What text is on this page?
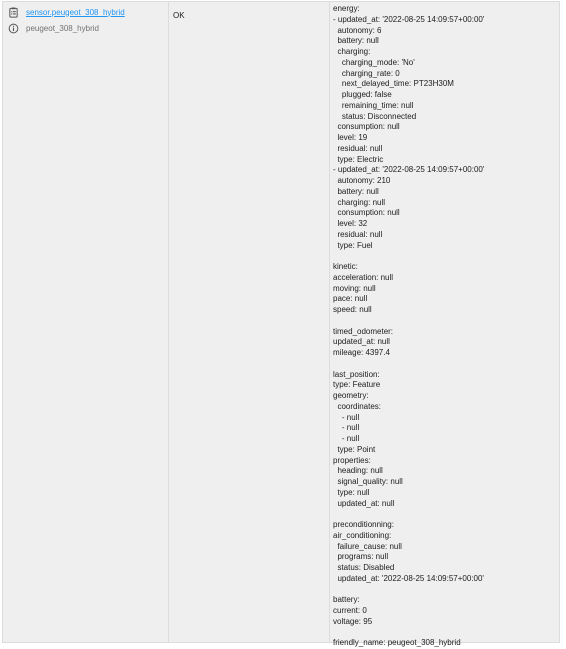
sensor.peugeot_308_hybrid
peugeot_308_hybrid
OK
energy:
- updated_at: '2022-08-25 14:09:57+00:00'
autonomy: 6
battery: null
charging:
charging_mode: 'No'
charging_rate: 0
next_delayed_time: PT23H30M
plugged: false
remaining_time: null
status: Disconnected
consumption: null
level: 19
residual: null
type: Electric
- updated_at: '2022-08-25 14:09:57+00:00'
autonomy: 210
battery: null
charging: null
consumption: null
level: 32
residual: null
type: Fuel
kinetic:
acceleration: null
moving: null
pace: null
speed: null
timed_odometer:
updated_at: null
mileage: 4397.4
last_position:
type: Feature
geometry:
coordinates:
- null
- null
- null
type: Point
properties:
heading: null
signal_quality: null
type: null
updated_at: null
preconditionning:
air_conditioning:
failure_cause: null
programs: null
status: Disabled
updated_at: '2022-08-25 14:09:57+00:00'
battery:
current: 0
voltage: 95
friendly_name: peugeot_308_hybrid
